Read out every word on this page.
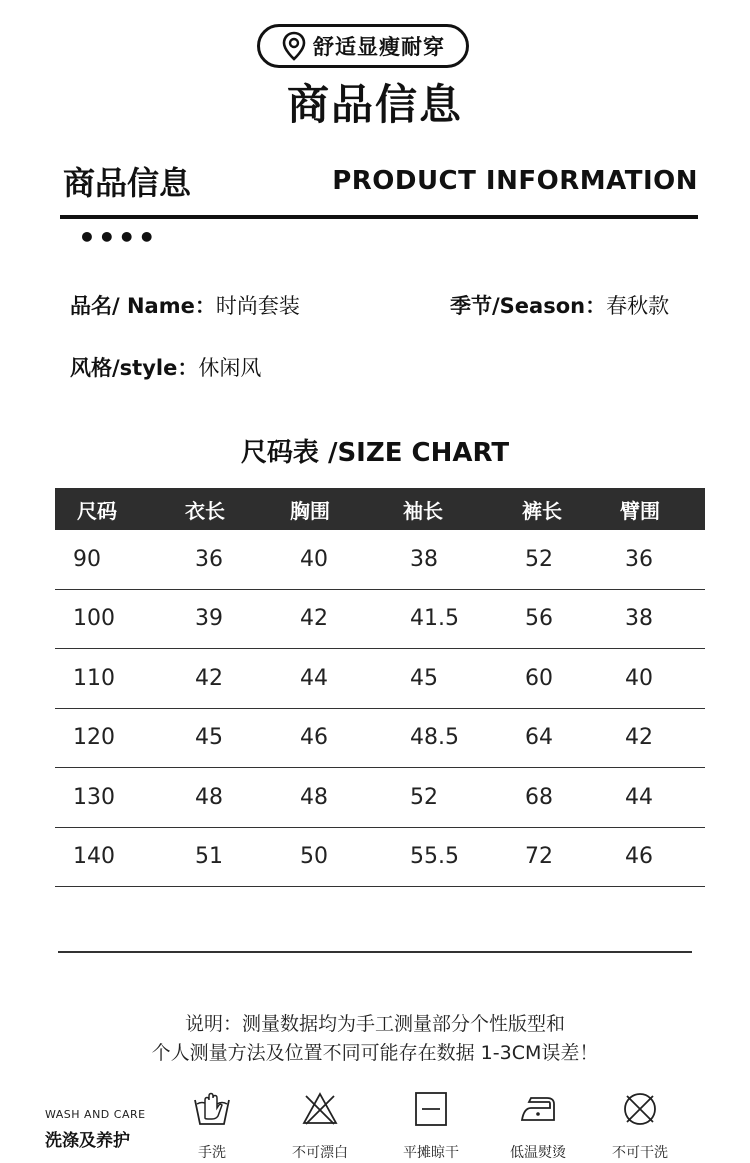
舒适显瘦耐穿
商品信息
商品信息	PRODUCT INFORMATION
••••
品名/ Name：时尚套装	季节/Season：春秋款
风格/style：休闲风
尺码表 /SIZE CHART
尺码	衣长	胸围	袖长	裤长	臂围
90	36	40	38	52	36
100	39	42	41.5	56	38
110	42	44	45	60	40
120	45	46	48.5	64	42
130	48	48	52	68	44
140	51	50	55.5	72	46
说明：测量数据均为手工测量部分个性版型和
个人测量方法及位置不同可能存在数据 1-3CM误差！
WASH AND CARE
洗涤及养护
手洗	不可漂白	平摊晾干	低温熨烫	不可干洗
